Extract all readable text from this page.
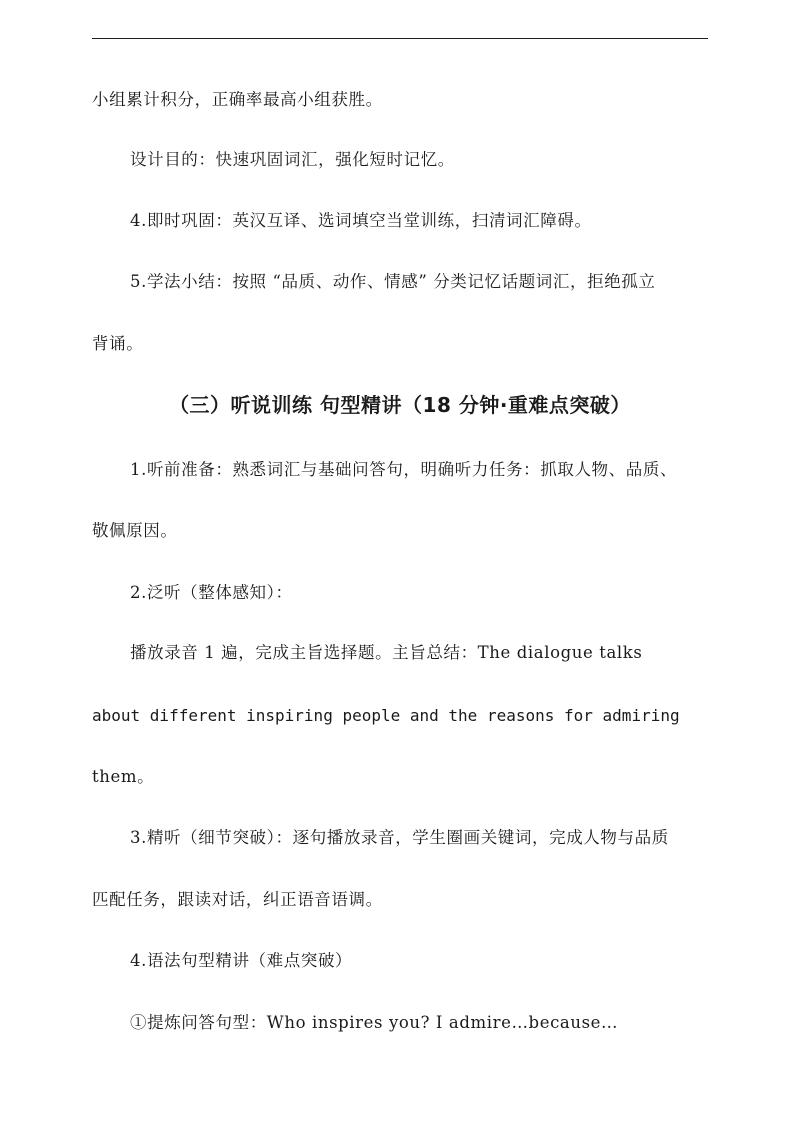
小组累计积分，正确率最高小组获胜。
设计目的：快速巩固词汇，强化短时记忆。
4.即时巩固：英汉互译、选词填空当堂训练，扫清词汇障碍。
5.学法小结：按照 “品质、动作、情感” 分类记忆话题词汇，拒绝孤立
背诵。
（三）听说训练 句型精讲（18 分钟·重难点突破）
1.听前准备：熟悉词汇与基础问答句，明确听力任务：抓取人物、品质、
敬佩原因。
2.泛听（整体感知）：
播放录音 1 遍，完成主旨选择题。主旨总结：The dialogue talks
about different inspiring people and the reasons for admiring
them。
3.精听（细节突破）：逐句播放录音，学生圈画关键词，完成人物与品质
匹配任务，跟读对话，纠正语音语调。
4.语法句型精讲（难点突破）
①提炼问答句型：Who inspires you? I admire…because…
